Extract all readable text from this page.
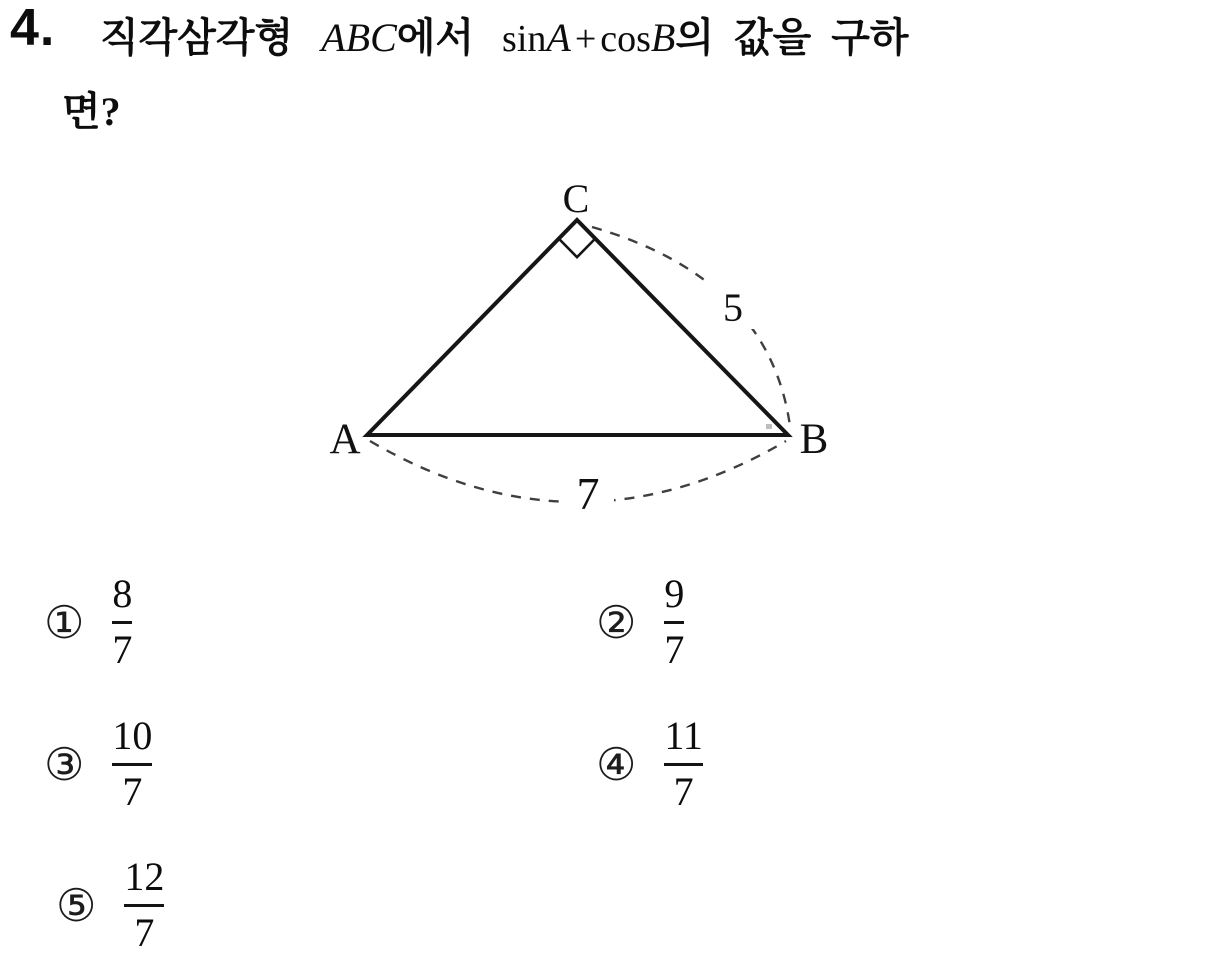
4. 직각삼각형 ABC에서 sinA + cosB의 값을 구하
면?
C
A	B
5
7
① $\frac{8}{7}$	② $\frac{9}{7}$
③ $\frac{10}{7}$	④ $\frac{11}{7}$
⑤ $\frac{12}{7}$
